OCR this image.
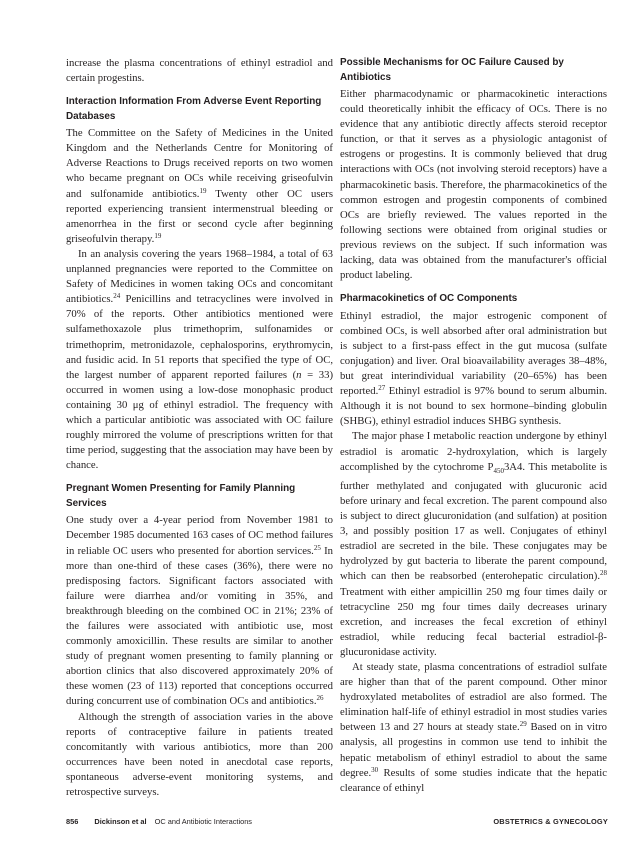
increase the plasma concentrations of ethinyl estradiol and certain progestins.

Interaction Information From Adverse Event Reporting Databases

The Committee on the Safety of Medicines in the United Kingdom and the Netherlands Centre for Monitoring of Adverse Reactions to Drugs received reports on two women who became pregnant on OCs while receiving griseofulvin and sulfonamide antibiotics.$^{19}$ Twenty other OC users reported experiencing transient intermenstrual bleeding or amenorrhea in the first or second cycle after beginning griseofulvin therapy.$^{19}$

In an analysis covering the years 1968–1984, a total of 63 unplanned pregnancies were reported to the Committee on Safety of Medicines in women taking OCs and concomitant antibiotics.$^{24}$ Penicillins and tetracyclines were involved in 70% of the reports. Other antibiotics mentioned were sulfamethoxazole plus trimethoprim, sulfonamides or trimethoprim, metronidazole, cephalosporins, erythromycin, and fusidic acid. In 51 reports that specified the type of OC, the largest number of apparent reported failures (n = 33) occurred in women using a low-dose monophasic product containing 30 μg of ethinyl estradiol. The frequency with which a particular antibiotic was associated with OC failure roughly mirrored the volume of prescriptions written for that time period, suggesting that the association may have been by chance.

Pregnant Women Presenting for Family Planning Services

One study over a 4-year period from November 1981 to December 1985 documented 163 cases of OC method failures in reliable OC users who presented for abortion services.$^{25}$ In more than one-third of these cases (36%), there were no predisposing factors. Significant factors associated with failure were diarrhea and/or vomiting in 35%, and breakthrough bleeding on the combined OC in 21%; 23% of the failures were associated with antibiotic use, most commonly amoxicillin. These results are similar to another study of pregnant women presenting to family planning or abortion clinics that also discovered approximately 20% of these women (23 of 113) reported that conceptions occurred during concurrent use of combination OCs and antibiotics.$^{26}$

Although the strength of association varies in the above reports of contraceptive failure in patients treated concomitantly with various antibiotics, more than 200 occurrences have been noted in anecdotal case reports, spontaneous adverse-event monitoring systems, and retrospective surveys.

Possible Mechanisms for OC Failure Caused by Antibiotics

Either pharmacodynamic or pharmacokinetic interactions could theoretically inhibit the efficacy of OCs. There is no evidence that any antibiotic directly affects steroid receptor function, or that it serves as a physiologic antagonist of estrogens or progestins. It is commonly believed that drug interactions with OCs (not involving steroid receptors) have a pharmacokinetic basis. Therefore, the pharmacokinetics of the common estrogen and progestin components of combined OCs are briefly reviewed. The values reported in the following sections were obtained from original studies or previous reviews on the subject. If such information was lacking, data was obtained from the manufacturer's official product labeling.

Pharmacokinetics of OC Components

Ethinyl estradiol, the major estrogenic component of combined OCs, is well absorbed after oral administration but is subject to a first-pass effect in the gut mucosa (sulfate conjugation) and liver. Oral bioavailability averages 38–48%, but great interindividual variability (20–65%) has been reported.$^{27}$ Ethinyl estradiol is 97% bound to serum albumin. Although it is not bound to sex hormone–binding globulin (SHBG), ethinyl estradiol induces SHBG synthesis.

The major phase I metabolic reaction undergone by ethinyl estradiol is aromatic 2-hydroxylation, which is largely accomplished by the cytochrome $P_{450}3A4$. This metabolite is further methylated and conjugated with glucuronic acid before urinary and fecal excretion. The parent compound also is subject to direct glucuronidation (and sulfation) at position 3, and possibly position 17 as well. Conjugates of ethinyl estradiol are secreted in the bile. These conjugates may be hydrolyzed by gut bacteria to liberate the parent compound, which can then be reabsorbed (enterohepatic circulation).$^{28}$ Treatment with either ampicillin 250 mg four times daily or tetracycline 250 mg four times daily decreases urinary excretion, and increases the fecal excretion of ethinyl estradiol, while reducing fecal bacterial estradiol-β-glucuronidase activity.

At steady state, plasma concentrations of estradiol sulfate are higher than that of the parent compound. Other minor hydroxylated metabolites of estradiol are also formed. The elimination half-life of ethinyl estradiol in most studies varies between 13 and 27 hours at steady state.$^{29}$ Based on in vitro analysis, all progestins in common use tend to inhibit the hepatic metabolism of ethinyl estradiol to about the same degree.$^{30}$ Results of some studies indicate that the hepatic clearance of ethinyl

856 Dickinson et al OC and Antibiotic Interactions	OBSTETRICS & GYNECOLOGY
